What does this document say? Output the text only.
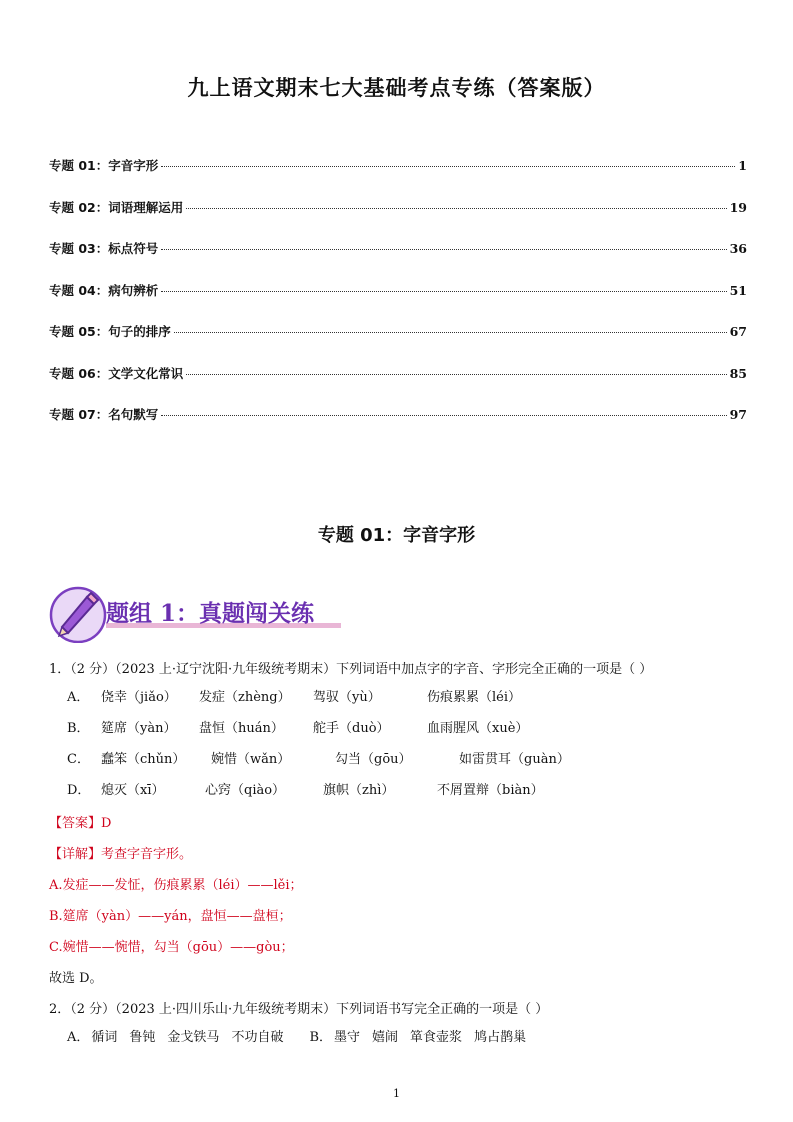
九上语文期末七大基础考点专练（答案版）
专题 01：字音字形	1
专题 02：词语理解运用	19
专题 03：标点符号	36
专题 04：病句辨析	51
专题 05：句子的排序	67
专题 06：文学文化常识	85
专题 07：名句默写	97
专题 01：字音字形
题组 1：真题闯关练
1．（2 分）（2023 上·辽宁沈阳·九年级统考期末）下列词语中加点字的字音、字形完全正确的一项是（ ）
A． 侥幸（jiǎo）	发症（zhèng）	驾驭（yù）	伤痕累累（léi）
B． 筵席（yàn）	盘恒（huán）	舵手（duò）	血雨腥风（xuè）
C． 蠢笨（chǔn）	婉惜（wǎn）	勾当（gōu）	如雷贯耳（guàn）
D． 熄灭（xī）	心窍（qiào）	旗帜（zhì）	不屑置辩（biàn）
【答案】D
【详解】考查字音字形。
A.发症——发怔，伤痕累累（léi）——lěi；
B.筵席（yàn）——yán，盘恒——盘桓；
C.婉惜——惋惜，勾当（gōu）——gòu；
故选 D。
2．（2 分）（2023 上·四川乐山·九年级统考期末）下列词语书写完全正确的一项是（ ）
A． 循词 鲁钝 金戈铁马 不功自破 B． 墨守 嬉闹 箪食壶浆 鸠占鹊巢
1
